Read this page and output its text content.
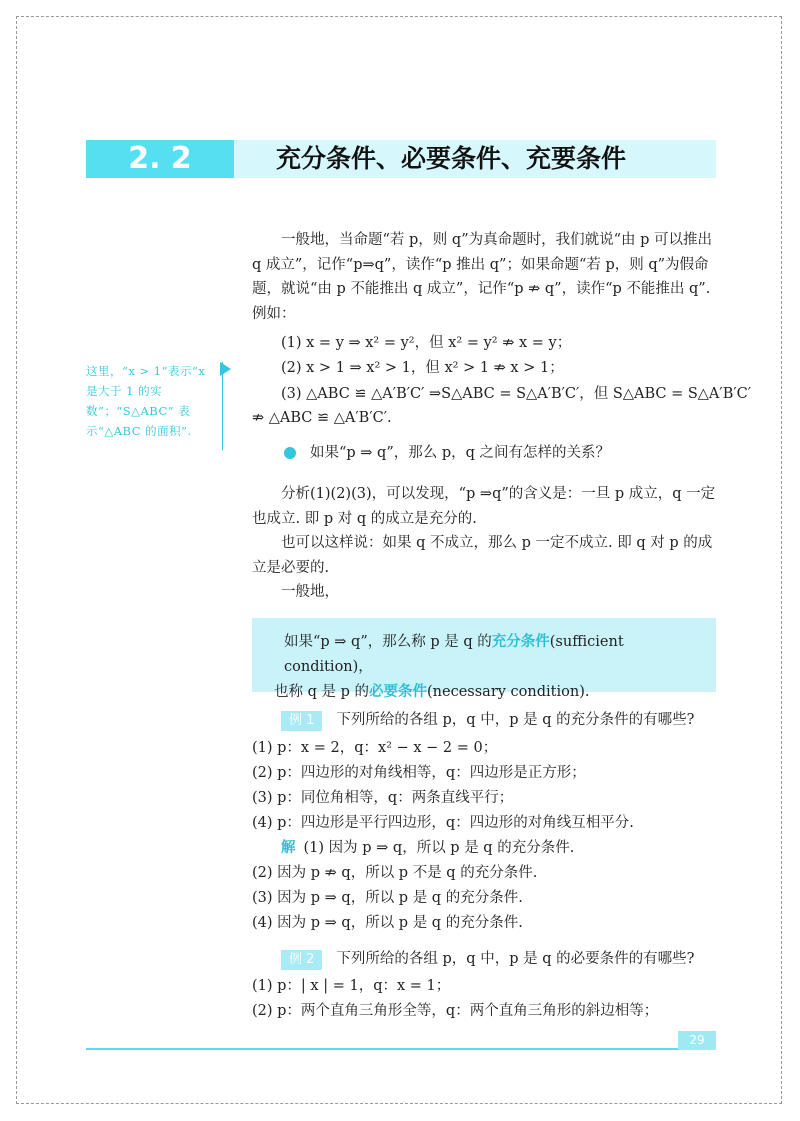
2. 2	充分条件、必要条件、充要条件
一般地，当命题“若 p，则 q”为真命题时，我们就说“由 p 可以推出 q 成立”，记作“p⇒q”，读作“p 推出 q”；如果命题“若 p，则 q”为假命题，就说“由 p 不能推出 q 成立”，记作“p ⇏ q”，读作“p 不能推出 q”. 例如：
(1) x = y ⇒ x² = y²，但 x² = y² ⇏ x = y；
(2) x > 1 ⇒ x² > 1，但 x² > 1 ⇏ x > 1；
(3) △ABC ≌ △A′B′C′ ⇒S△ABC = S△A′B′C′，但 S△ABC = S△A′B′C′
⇏ △ABC ≌ △A′B′C′.
这里，“x > 1”表示“x 是大于 1 的实数”；“S△ABC” 表示“△ABC 的面积”.
如果“p ⇒ q”，那么 p，q 之间有怎样的关系？
分析(1)(2)(3)，可以发现，“p ⇒q”的含义是：一旦 p 成立，q 一定也成立. 即 p 对 q 的成立是充分的.
也可以这样说：如果 q 不成立，那么 p 一定不成立. 即 q 对 p 的成立是必要的.
一般地，
如果“p ⇒ q”，那么称 p 是 q 的充分条件(sufficient condition)，
也称 q 是 p 的必要条件(necessary condition).
例 1 下列所给的各组 p，q 中，p 是 q 的充分条件的有哪些?
(1) p：x = 2，q：x² − x − 2 = 0；
(2) p：四边形的对角线相等，q：四边形是正方形；
(3) p：同位角相等，q：两条直线平行；
(4) p：四边形是平行四边形，q：四边形的对角线互相平分.
解 (1) 因为 p ⇒ q，所以 p 是 q 的充分条件.
(2) 因为 p ⇏ q，所以 p 不是 q 的充分条件.
(3) 因为 p ⇒ q，所以 p 是 q 的充分条件.
(4) 因为 p ⇒ q，所以 p 是 q 的充分条件.
例 2 下列所给的各组 p，q 中，p 是 q 的必要条件的有哪些?
(1) p：| x | = 1，q：x = 1；
(2) p：两个直角三角形全等，q：两个直角三角形的斜边相等；
29
